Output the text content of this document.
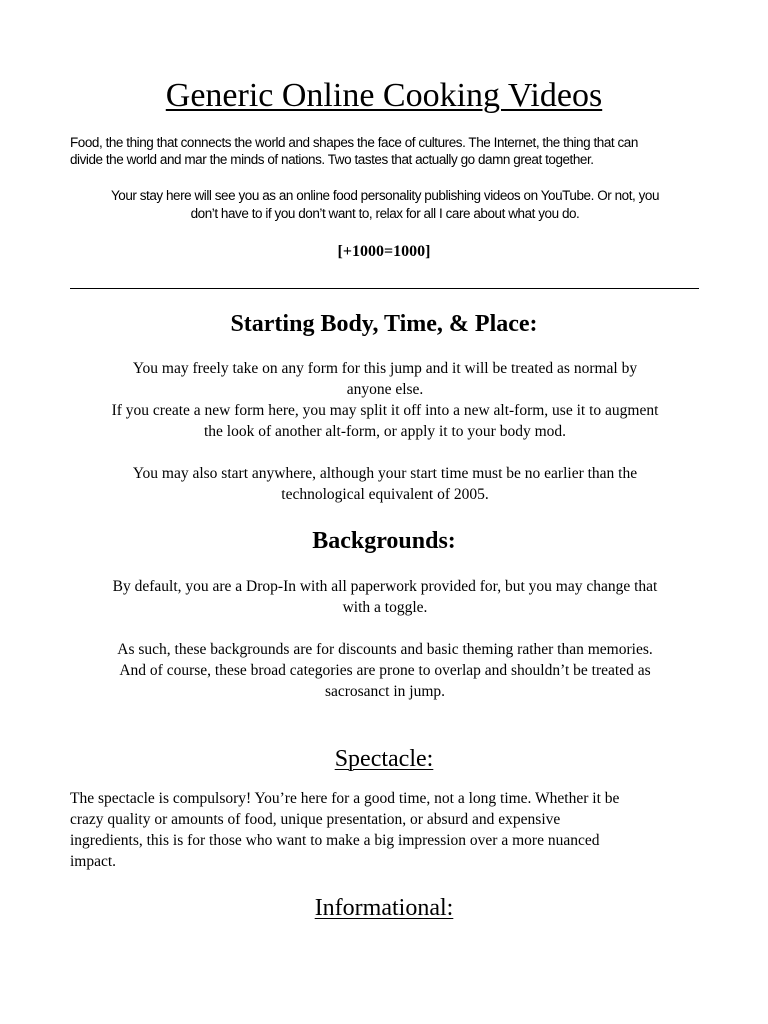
Generic Online Cooking Videos
Food, the thing that connects the world and shapes the face of cultures. The Internet, the thing that can
divide the world and mar the minds of nations. Two tastes that actually go damn great together.
Your stay here will see you as an online food personality publishing videos on YouTube. Or not, you
don’t have to if you don’t want to, relax for all I care about what you do.
[+1000=1000]
Starting Body, Time, & Place:
You may freely take on any form for this jump and it will be treated as normal by
anyone else.
If you create a new form here, you may split it off into a new alt-form, use it to augment
the look of another alt-form, or apply it to your body mod.
You may also start anywhere, although your start time must be no earlier than the
technological equivalent of 2005.
Backgrounds:
By default, you are a Drop-In with all paperwork provided for, but you may change that
with a toggle.
As such, these backgrounds are for discounts and basic theming rather than memories.
And of course, these broad categories are prone to overlap and shouldn’t be treated as
sacrosanct in jump.
Spectacle:
The spectacle is compulsory! You’re here for a good time, not a long time. Whether it be
crazy quality or amounts of food, unique presentation, or absurd and expensive
ingredients, this is for those who want to make a big impression over a more nuanced
impact.
Informational:
